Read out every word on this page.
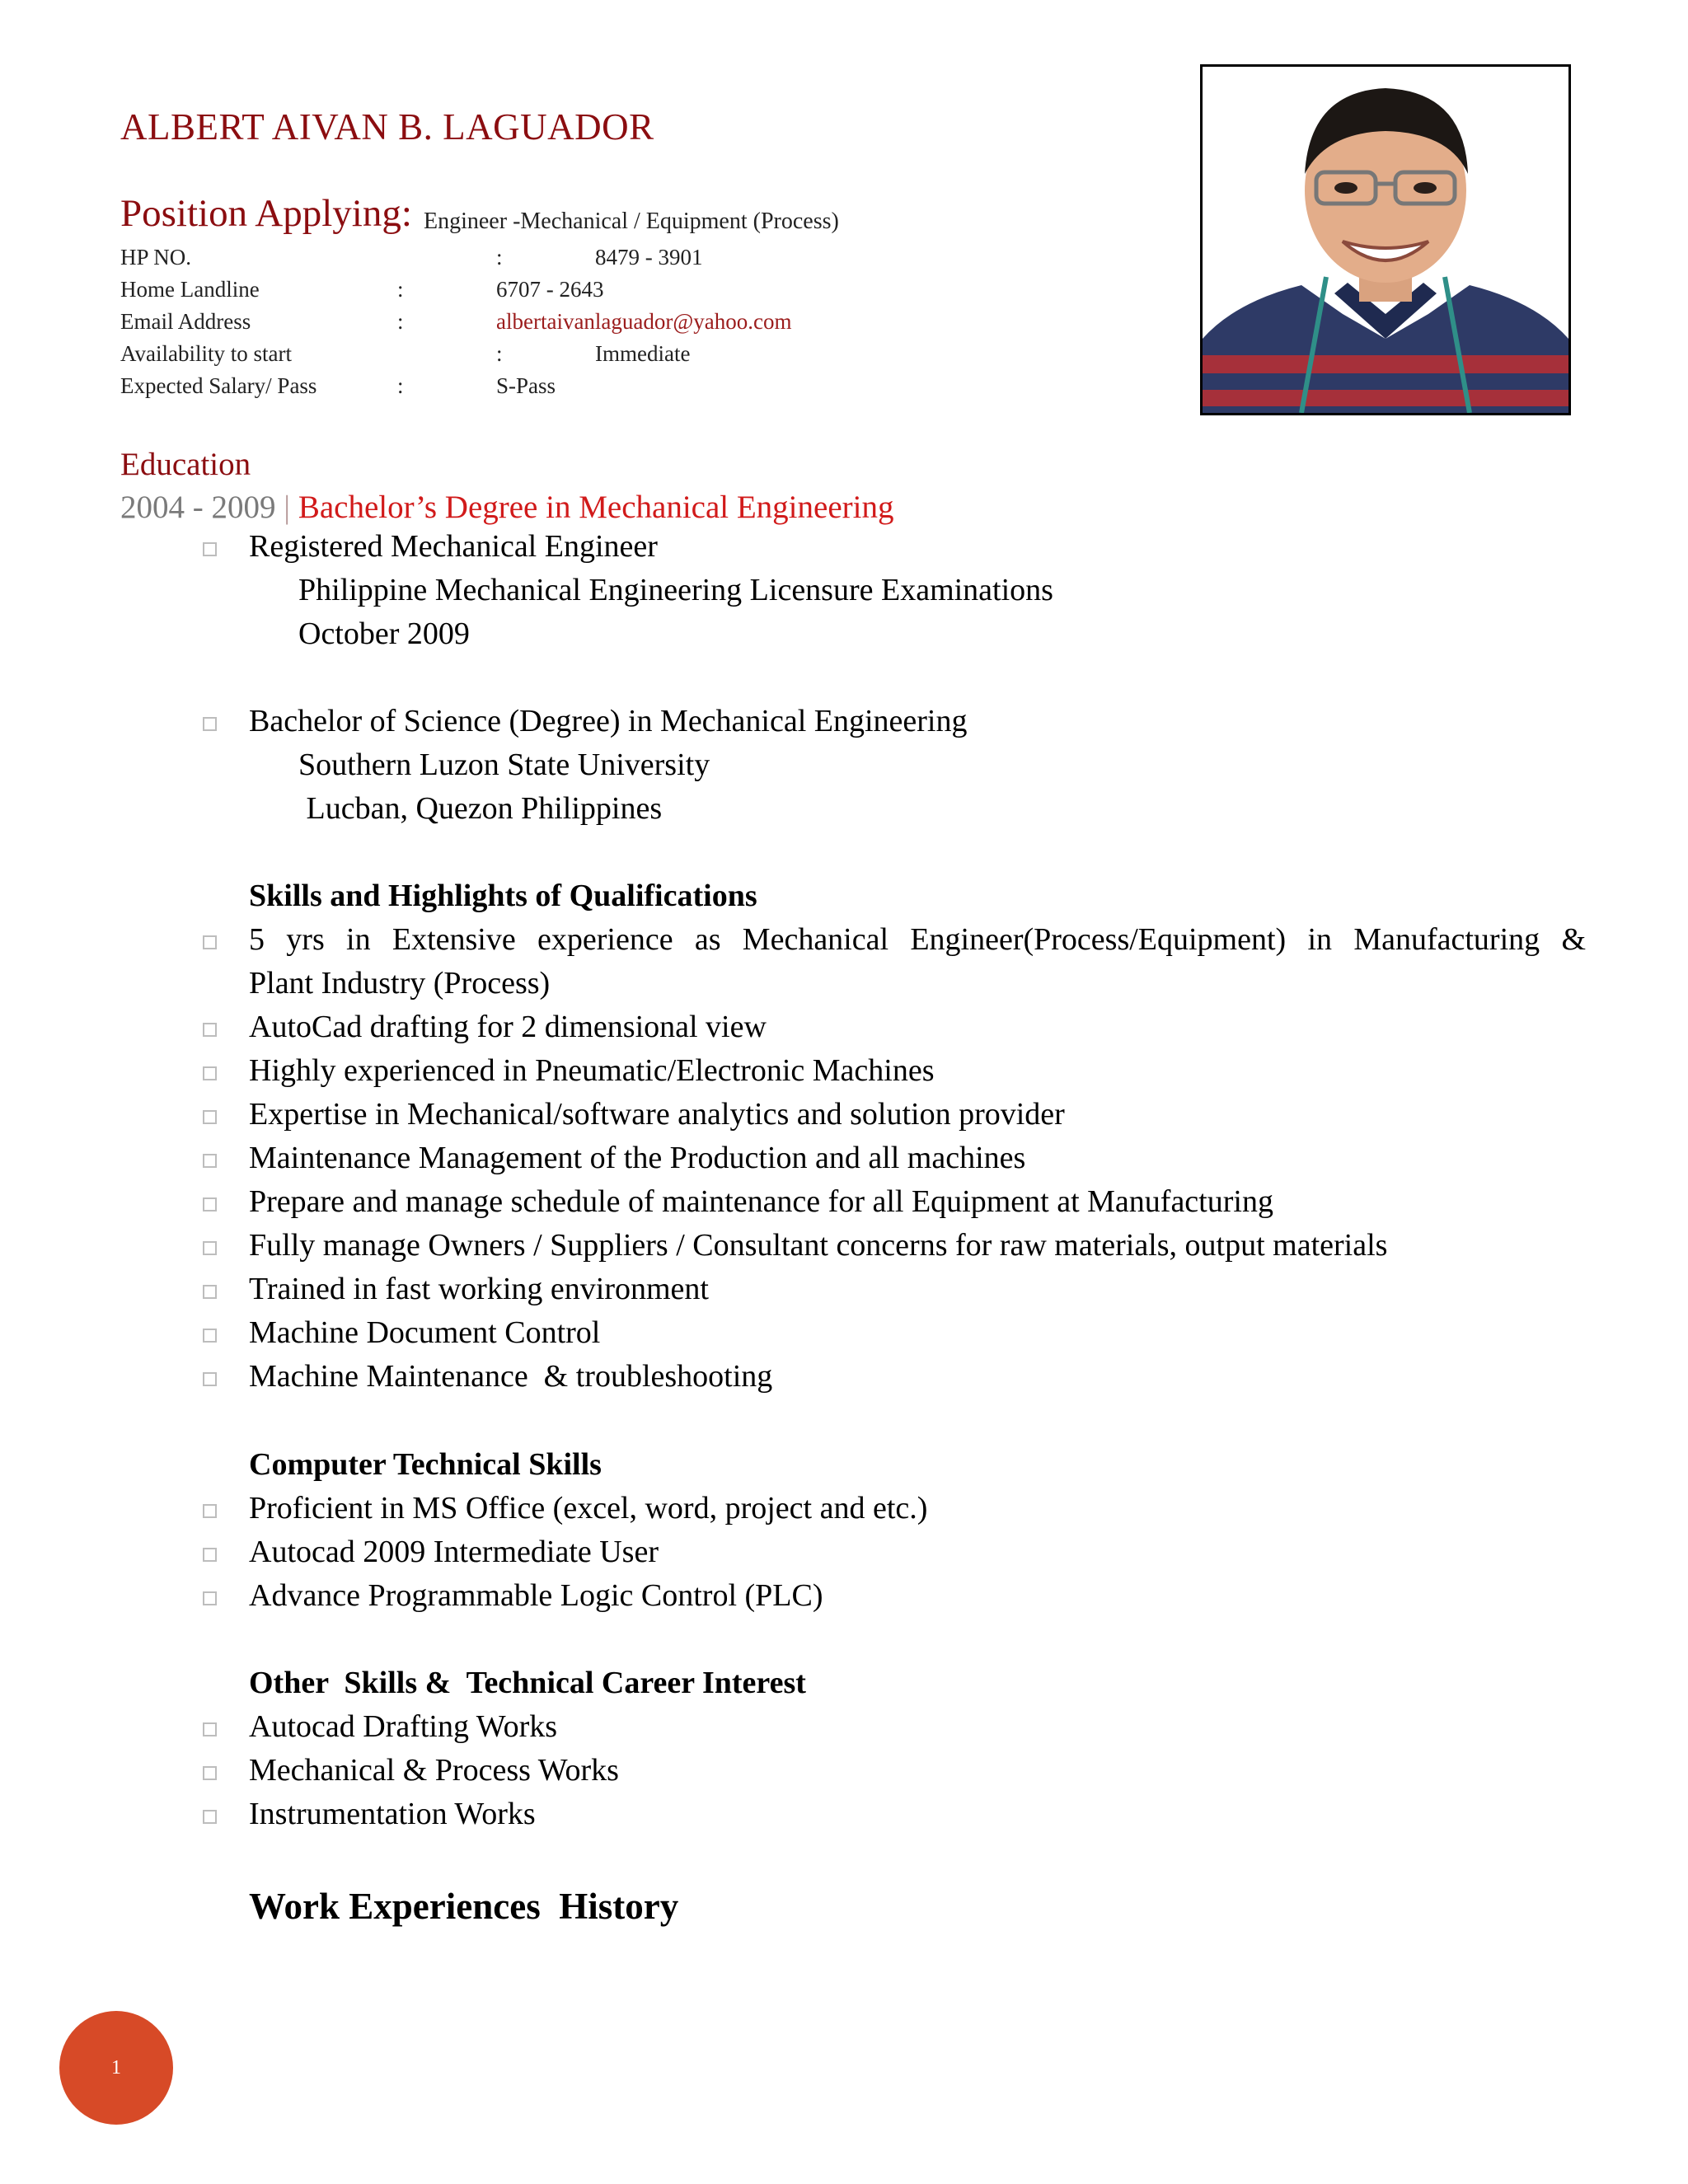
ALBERT AIVAN B. LAGUADOR
Position Applying: Engineer -Mechanical / Equipment (Process)
HP NO.	:	8479 - 3901
Home Landline	:	6707 - 2643
Email Address	:	albertaivanlaguador@yahoo.com
Availability to start	:	Immediate
Expected Salary/ Pass	:	S-Pass
Education
2004 - 2009 | Bachelor’s Degree in Mechanical Engineering
Registered Mechanical Engineer
Philippine Mechanical Engineering Licensure Examinations
October 2009
Bachelor of Science (Degree) in Mechanical Engineering
Southern Luzon State University
Lucban, Quezon Philippines
Skills and Highlights of Qualifications
5 yrs in Extensive experience as Mechanical Engineer(Process/Equipment) in Manufacturing &
Plant Industry (Process)
AutoCad drafting for 2 dimensional view
Highly experienced in Pneumatic/Electronic Machines
Expertise in Mechanical/software analytics and solution provider
Maintenance Management of the Production and all machines
Prepare and manage schedule of maintenance for all Equipment at Manufacturing
Fully manage Owners / Suppliers / Consultant concerns for raw materials, output materials
Trained in fast working environment
Machine Document Control
Machine Maintenance  & troubleshooting
Computer Technical Skills
Proficient in MS Office (excel, word, project and etc.)
Autocad 2009 Intermediate User
Advance Programmable Logic Control (PLC)
Other  Skills &  Technical Career Interest
Autocad Drafting Works
Mechanical & Process Works
Instrumentation Works
Work Experiences  History
1
